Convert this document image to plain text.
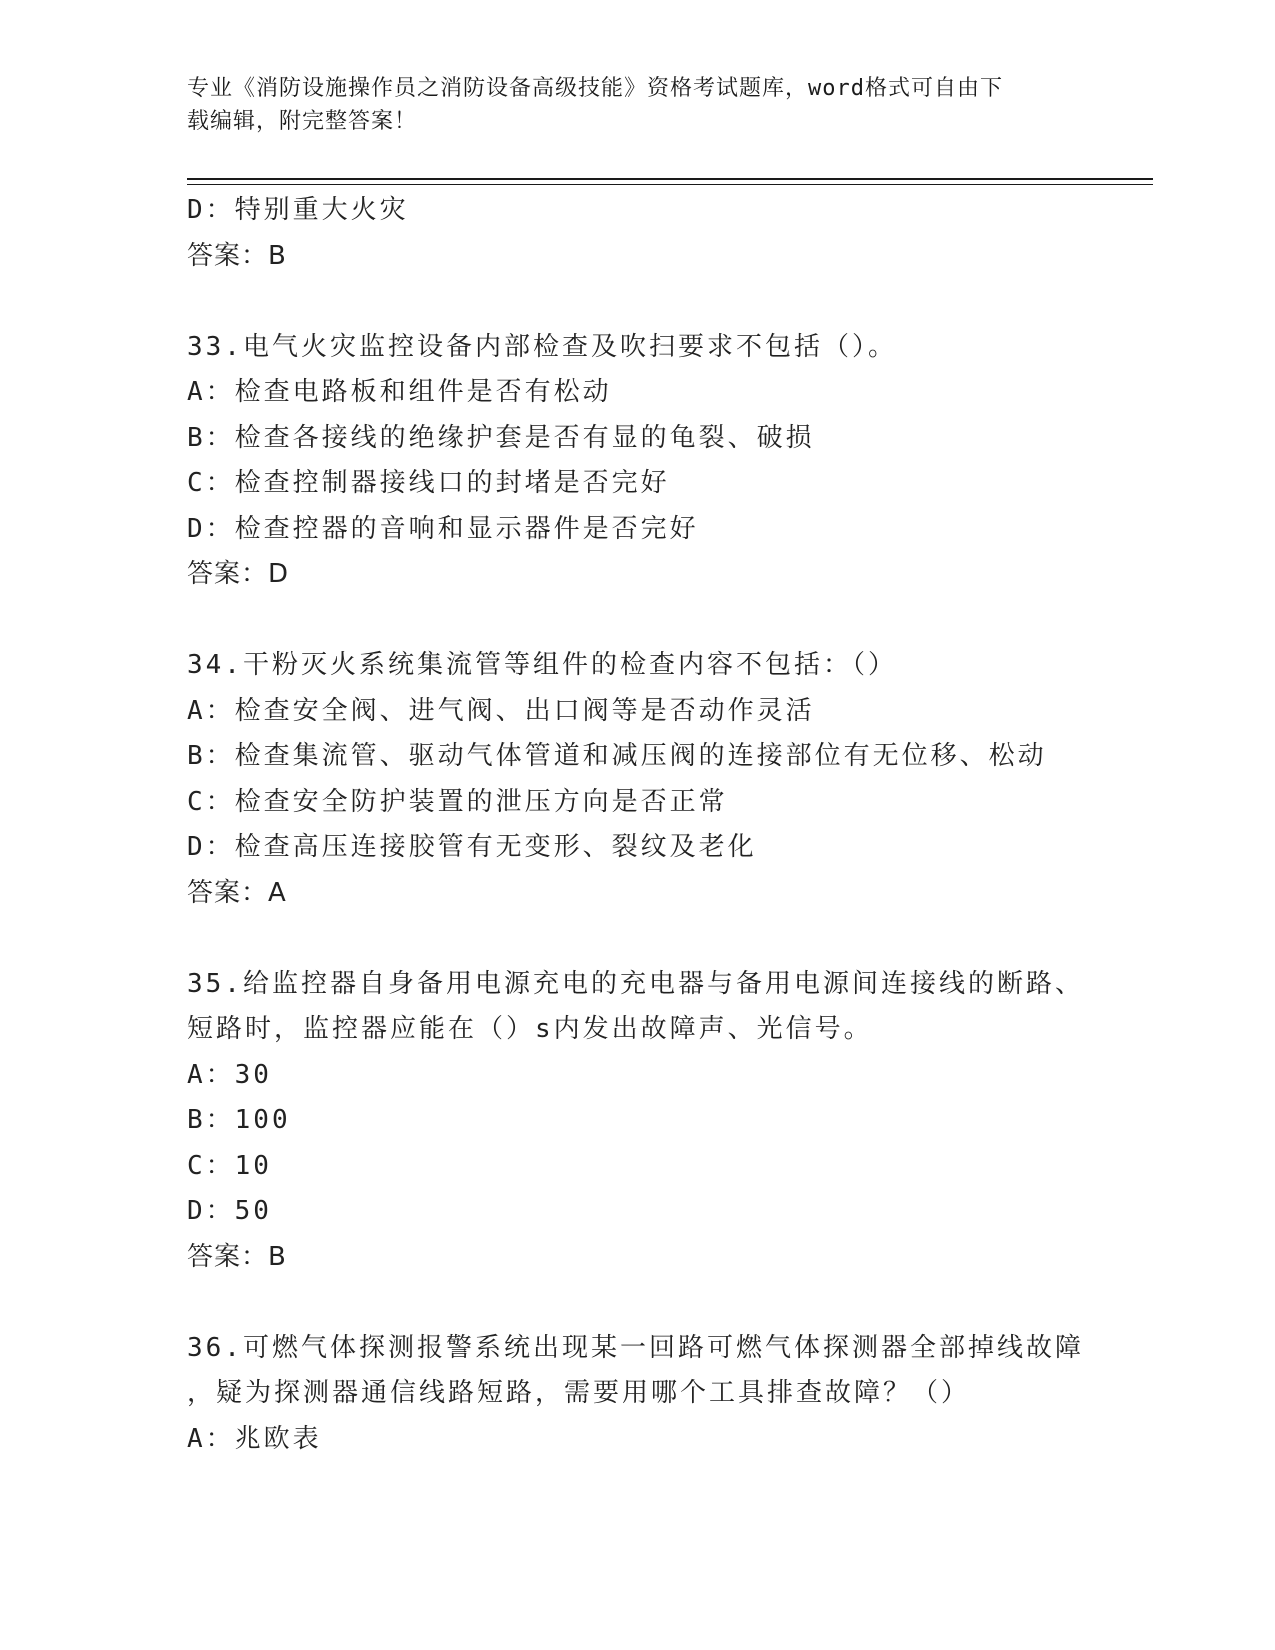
专业《消防设施操作员之消防设备高级技能》资格考试题库，word格式可自由下
载编辑，附完整答案！
D：特别重大火灾
答案：B
33.电气火灾监控设备内部检查及吹扫要求不包括（）。
A：检查电路板和组件是否有松动
B：检查各接线的绝缘护套是否有显的龟裂、破损
C：检查控制器接线口的封堵是否完好
D：检查控器的音响和显示器件是否完好
答案：D
34.干粉灭火系统集流管等组件的检查内容不包括：（）
A：检查安全阀、进气阀、出口阀等是否动作灵活
B：检查集流管、驱动气体管道和减压阀的连接部位有无位移、松动
C：检查安全防护装置的泄压方向是否正常
D：检查高压连接胶管有无变形、裂纹及老化
答案：A
35.给监控器自身备用电源充电的充电器与备用电源间连接线的断路、
短路时，监控器应能在（）s内发出故障声、光信号。
A：30
B：100
C：10
D：50
答案：B
36.可燃气体探测报警系统出现某一回路可燃气体探测器全部掉线故障
，疑为探测器通信线路短路，需要用哪个工具排查故障？（）
A：兆欧表
